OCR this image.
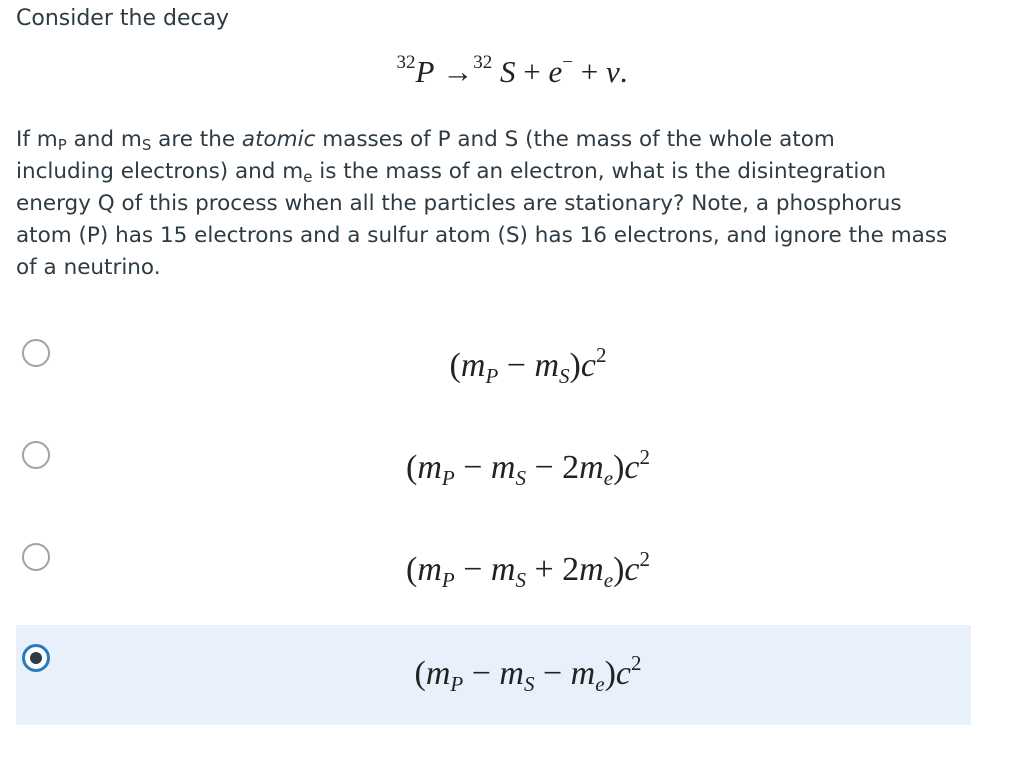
Consider the decay
$^{32}$P →$^{32}$ S + e− + ν.
If $m_P$ and $m_S$ are the atomic masses of P and S (the mass of the whole atom
including electrons) and $m_e$ is the mass of an electron, what is the disintegration
energy Q of this process when all the particles are stationary? Note, a phosphorus
atom (P) has 15 electrons and a sulfur atom (S) has 16 electrons, and ignore the mass
of a neutrino.
$(m_P - m_S)c^2$
$(m_P - m_S - 2m_e)c^2$
$(m_P - m_S + 2m_e)c^2$
$(m_P - m_S - m_e)c^2$
